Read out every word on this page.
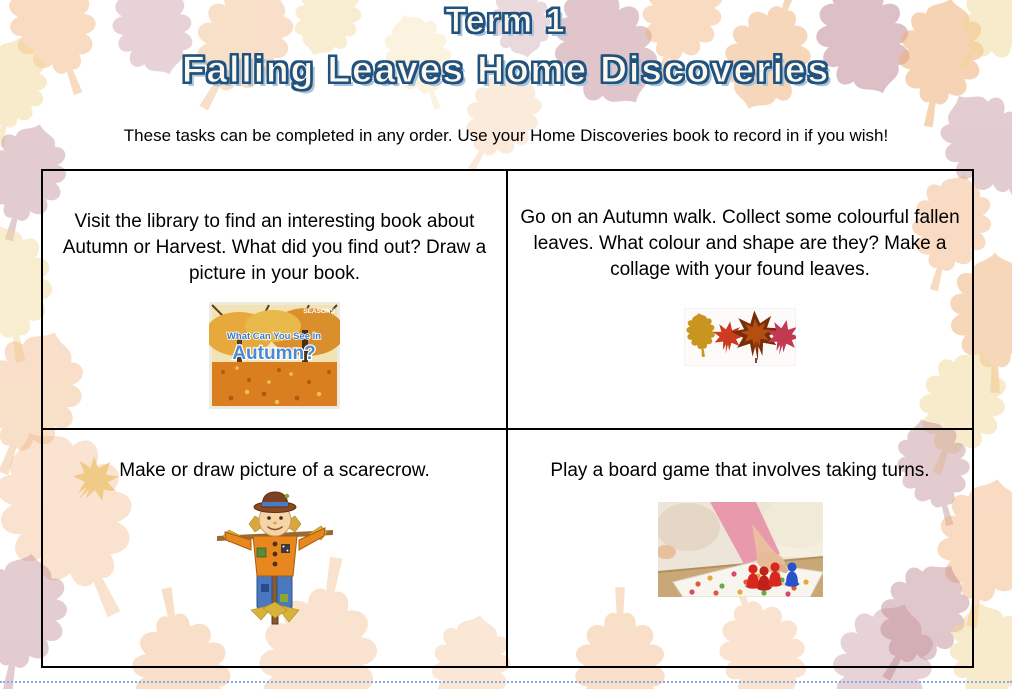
Term 1
Falling Leaves Home Discoveries
These tasks can be completed in any order. Use your Home Discoveries book to record in if you wish!
Visit the library to find an interesting book about Autumn or Harvest. What did you find out? Draw a picture in your book.
SEASONS
What Can You See in
Autumn?
Go on an Autumn walk. Collect some colourful fallen leaves. What colour and shape are they? Make a collage with your found leaves.
Make or draw picture of a scarecrow.	Play a board game that involves taking turns.
